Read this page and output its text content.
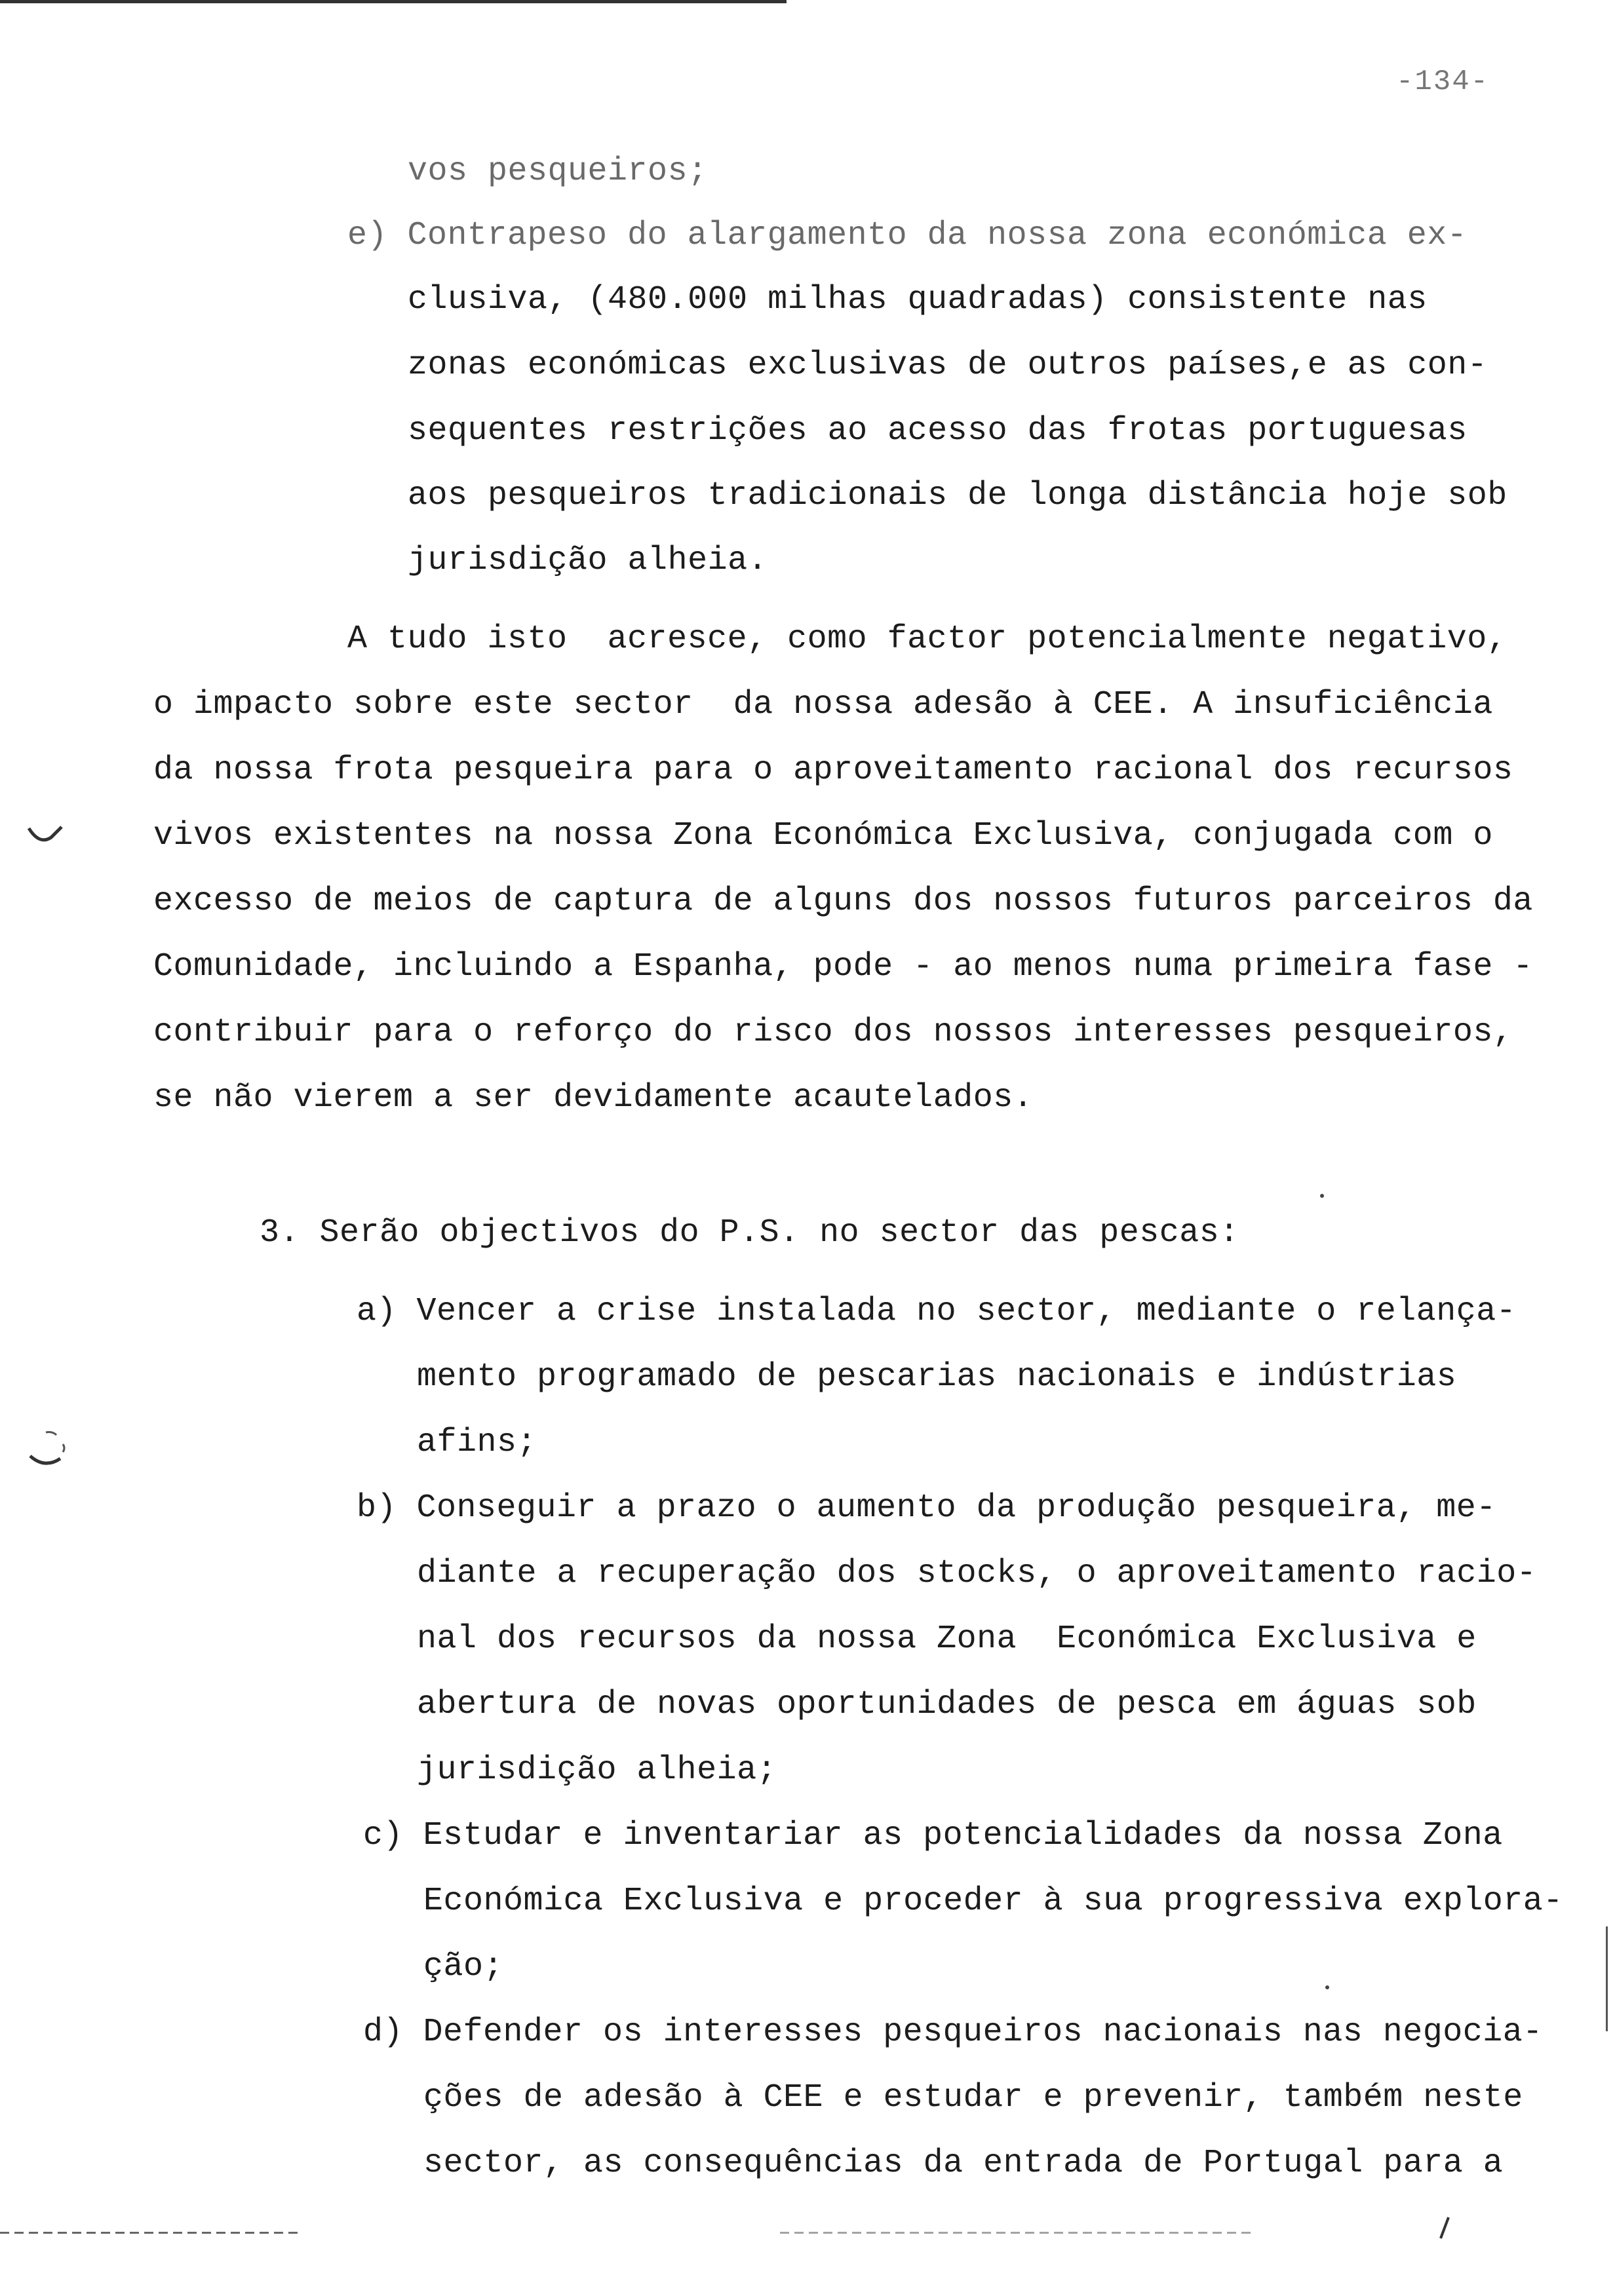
-134-
vos pesqueiros;
e) Contrapeso do alargamento da nossa zona económica ex-
clusiva, (480.000 milhas quadradas) consistente nas
zonas económicas exclusivas de outros países,e as con-
sequentes restrições ao acesso das frotas portuguesas
aos pesqueiros tradicionais de longa distância hoje sob
jurisdição alheia.
A tudo isto  acresce, como factor potencialmente negativo,
o impacto sobre este sector  da nossa adesão à CEE. A insuficiência
da nossa frota pesqueira para o aproveitamento racional dos recursos
vivos existentes na nossa Zona Económica Exclusiva, conjugada com o
excesso de meios de captura de alguns dos nossos futuros parceiros da
Comunidade, incluindo a Espanha, pode - ao menos numa primeira fase -
contribuir para o reforço do risco dos nossos interesses pesqueiros,
se não vierem a ser devidamente acautelados.
3. Serão objectivos do P.S. no sector das pescas:
a) Vencer a crise instalada no sector, mediante o relança-
mento programado de pescarias nacionais e indústrias
afins;
b) Conseguir a prazo o aumento da produção pesqueira, me-
diante a recuperação dos stocks, o aproveitamento racio-
nal dos recursos da nossa Zona  Económica Exclusiva e
abertura de novas oportunidades de pesca em águas sob
jurisdição alheia;
c) Estudar e inventariar as potencialidades da nossa Zona
Económica Exclusiva e proceder à sua progressiva explora-
ção;
d) Defender os interesses pesqueiros nacionais nas negocia-
ções de adesão à CEE e estudar e prevenir, também neste
sector, as consequências da entrada de Portugal para a
